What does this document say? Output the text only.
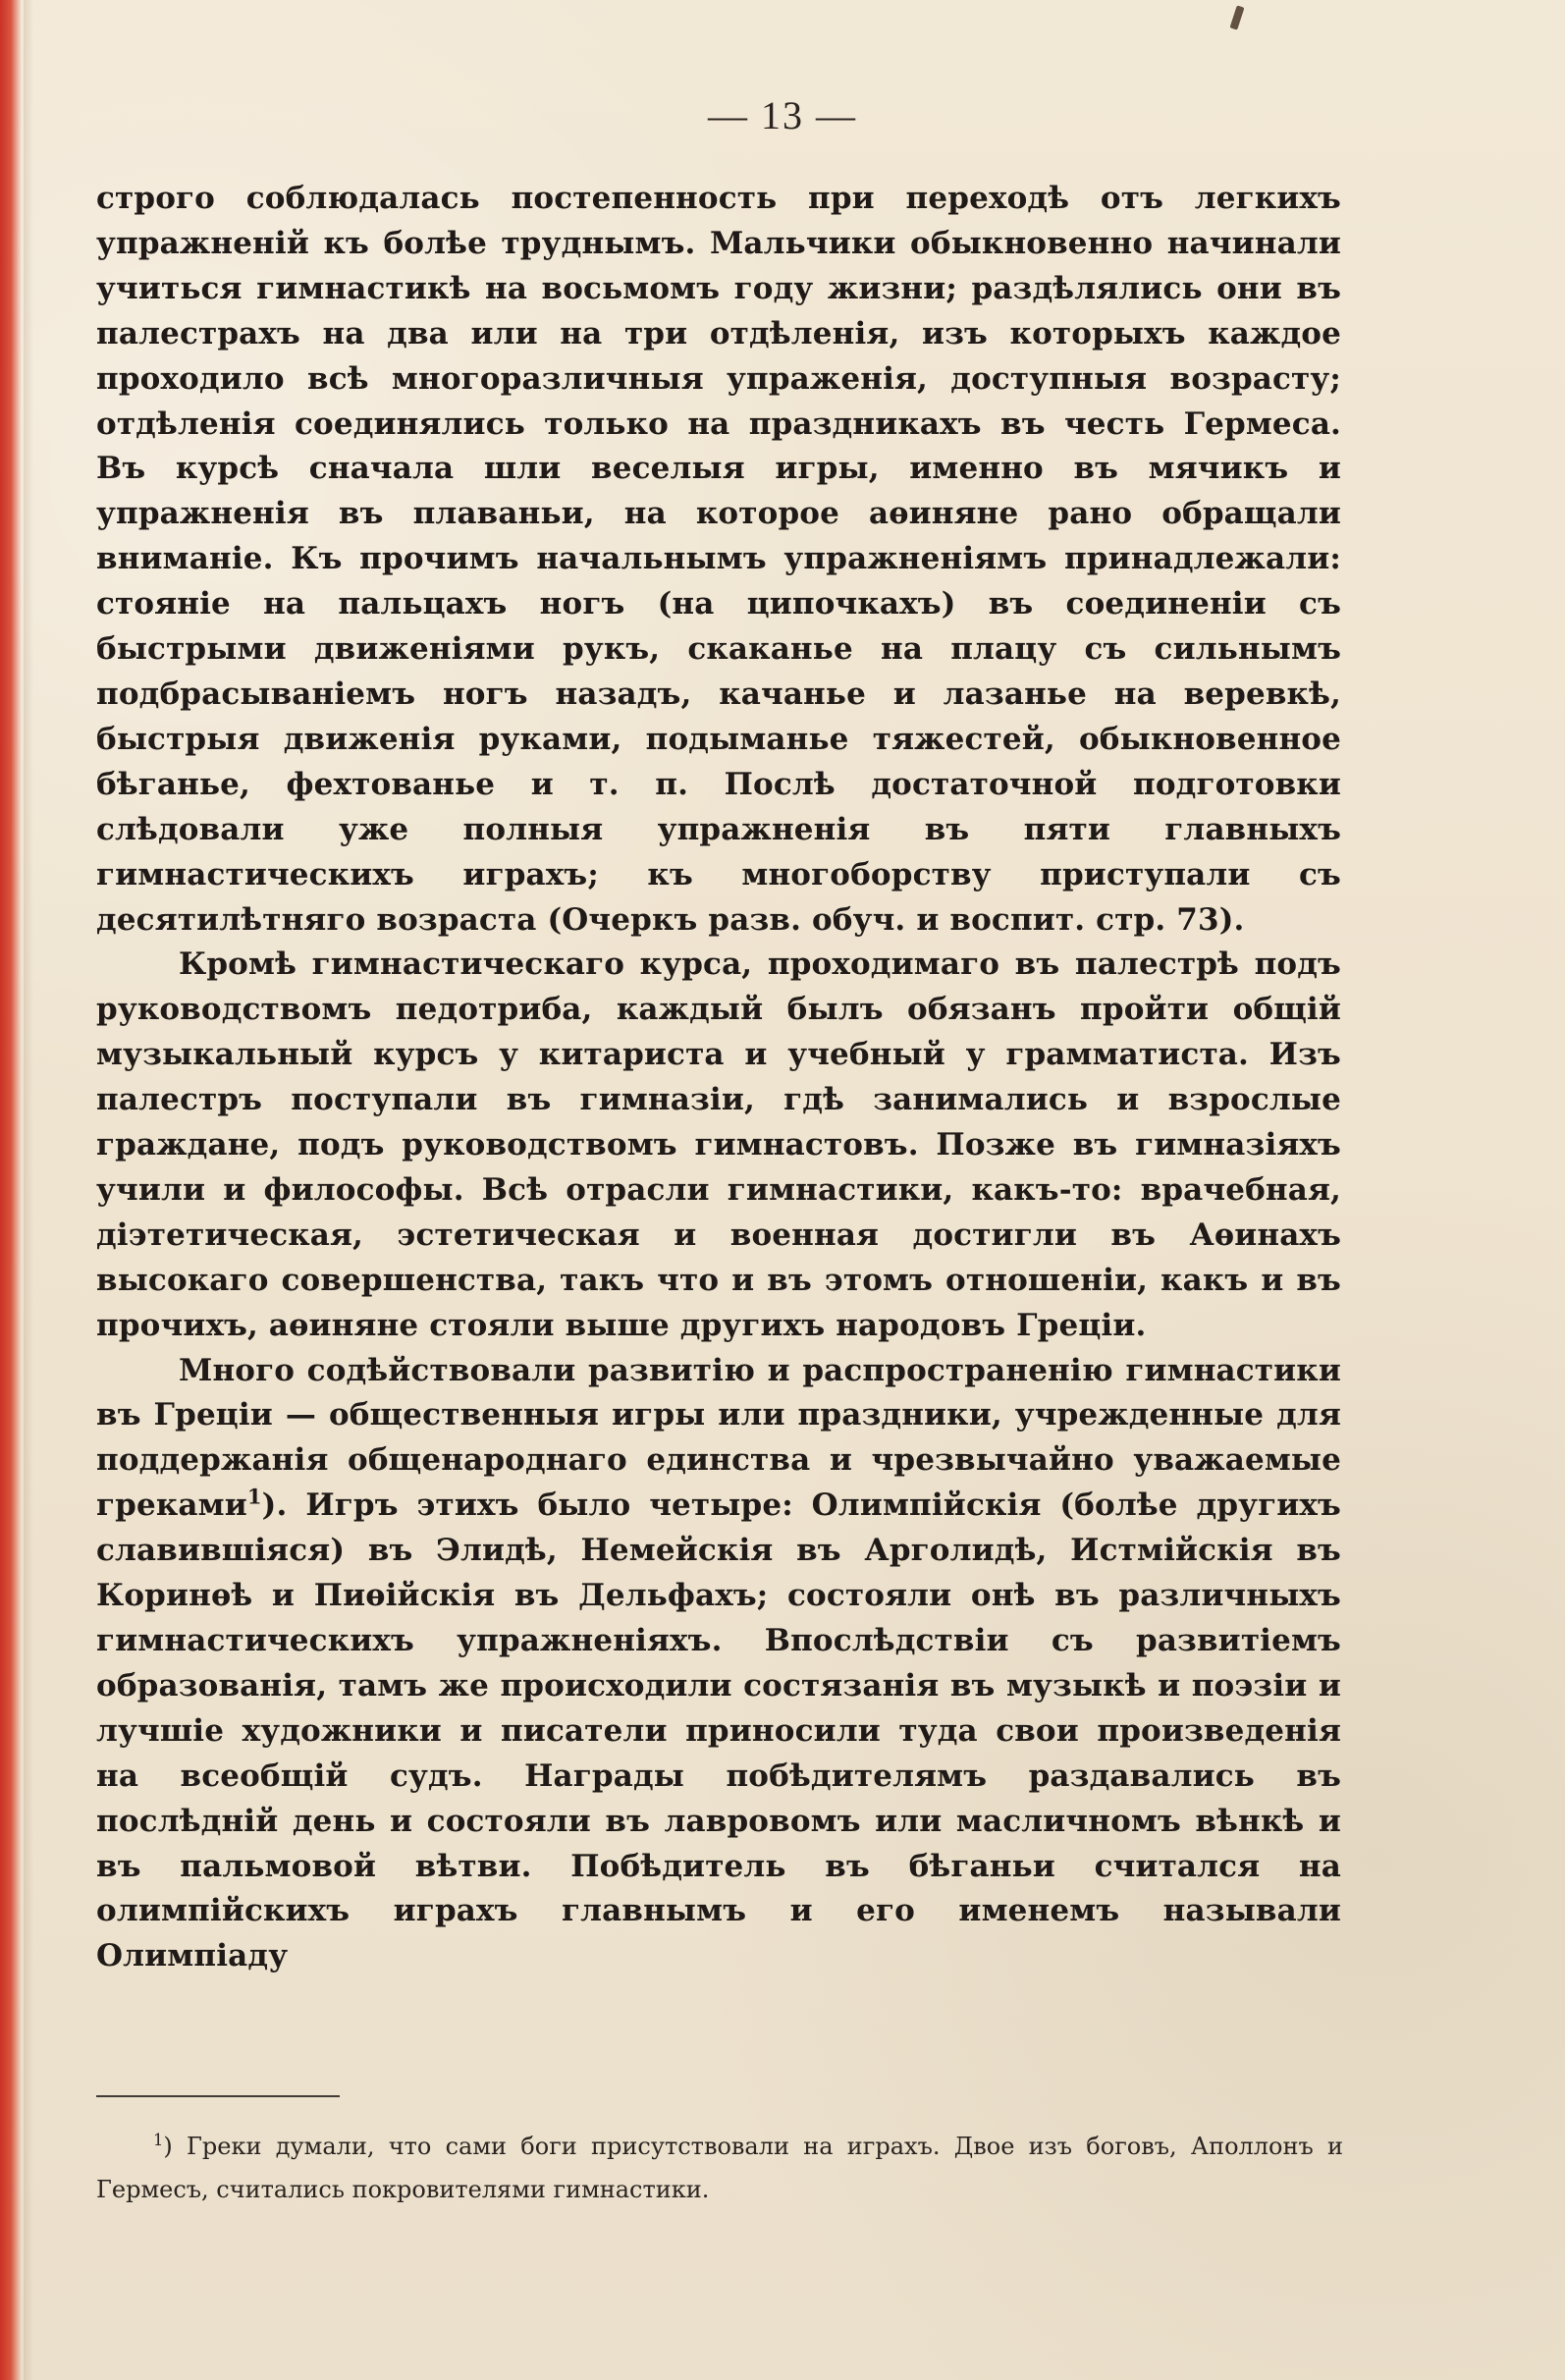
— 13 —

строго соблюдалась постепенность при переходѣ отъ легкихъ упражненій къ болѣе труднымъ. Мальчики обыкновенно начинали учиться гимнастикѣ на восьмомъ году жизни; раздѣлялись они въ палестрахъ на два или на три отдѣленія, изъ которыхъ каждое проходило всѣ многоразличныя упраженія, доступныя возрасту; отдѣленія соединялись только на праздникахъ въ честь Гермеса. Въ курсѣ сначала шли веселыя игры, именно въ мячикъ и упражненія въ плаваньи, на которое аѳиняне рано обращали вниманіе. Къ прочимъ начальнымъ упражненіямъ принадлежали: стояніе на пальцахъ ногъ (на ципочкахъ) въ соединеніи съ быстрыми движеніями рукъ, скаканье на плацу съ сильнымъ подбрасываніемъ ногъ назадъ, качанье и лазанье на веревкѣ, быстрыя движенія руками, подыманье тяжестей, обыкновенное бѣганье, фехтованье и т. п. Послѣ достаточной подготовки слѣдовали уже полныя упражненія въ пяти главныхъ гимнастическихъ играхъ; къ многоборству приступали съ десятилѣтняго возраста (Очеркъ разв. обуч. и воспит. стр. 73).

Кромѣ гимнастическаго курса, проходимаго въ палестрѣ подъ руководствомъ педотриба, каждый былъ обязанъ пройти общій музыкальный курсъ у китариста и учебный у грамматиста. Изъ палестръ поступали въ гимназіи, гдѣ занимались и взрослые граждане, подъ руководствомъ гимнастовъ. Позже въ гимназіяхъ учили и философы. Всѣ отрасли гимнастики, какъ-то: врачебная, діэтетическая, эстетическая и военная достигли въ Аѳинахъ высокаго совершенства, такъ что и въ этомъ отношеніи, какъ и въ прочихъ, аѳиняне стояли выше другихъ народовъ Греціи.

Много содѣйствовали развитію и распространенію гимнастики въ Греціи — общественныя игры или праздники, учрежденные для поддержанія общенароднаго единства и чрезвычайно уважаемые греками$^1$). Игръ этихъ было четыре: Олимпійскія (болѣе другихъ славившіяся) въ Элидѣ, Немейскія въ Арголидѣ, Истмійскія въ Коринѳѣ и Пиѳійскія въ Дельфахъ; состояли онѣ въ различныхъ гимнастическихъ упражненіяхъ. Впослѣдствіи съ развитіемъ образованія, тамъ же происходили состязанія въ музыкѣ и поэзіи и лучшіе художники и писатели приносили туда свои произведенія на всеобщій судъ. Награды побѣдителямъ раздавались въ послѣдній день и состояли въ лавровомъ или масличномъ вѣнкѣ и въ пальмовой вѣтви. Побѣдитель въ бѣганьи считался на олимпійскихъ играхъ главнымъ и его именемъ называли Олимпіаду

$^1$) Греки думали, что сами боги присутствовали на играхъ. Двое изъ боговъ, Аполлонъ и Гермесъ, считались покровителями гимнастики.
